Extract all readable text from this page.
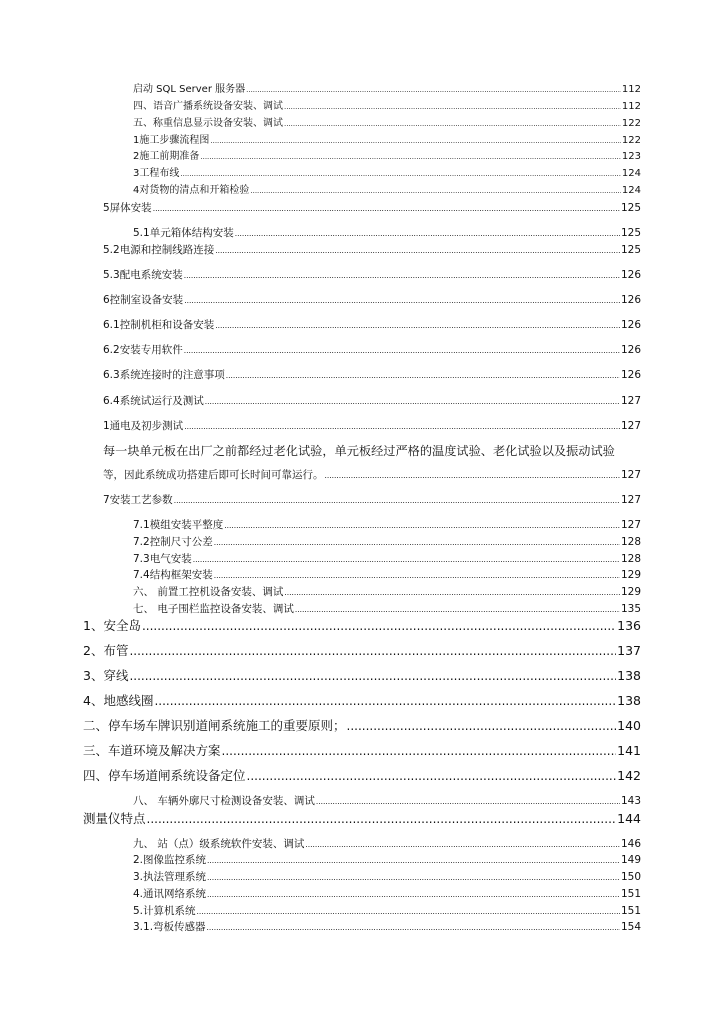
启动 SQL Server 服务器 .....	112
四、语音广播系统设备安装、调试 .....	112
五、称重信息显示设备安装、调试 .....	122
1施工步骤流程图 .....	122
2施工前期准备 .....	123
3工程布线 .....	124
4对货物的清点和开箱检验 .....	124
5屏体安装 .....	125
5.1单元箱体结构安装 .....	125
5.2电源和控制线路连接 .....	125
5.3配电系统安装 .....	126
6控制室设备安装 .....	126
6.1控制机柜和设备安装 .....	126
6.2安装专用软件 .....	126
6.3系统连接时的注意事项 .....	126
6.4系统试运行及测试 .....	127
1通电及初步测试 .....	127
每一块单元板在出厂之前都经过老化试验，单元板经过严格的温度试验、老化试验以及振动试验
等，因此系统成功搭建后即可长时间可靠运行。 .....	127
7安装工艺参数 .....	127
7.1模组安装平整度 .....	127
7.2控制尺寸公差 .....	128
7.3电气安装 .....	128
7.4结构框架安装 .....	129
六、 前置工控机设备安装、调试 .....	129
七、 电子围栏监控设备安装、调试 .....	135
1、安全岛 .....	136
2、布管 .....	137
3、穿线 .....	138
4、地感线圈 .....	138
二、停车场车牌识别道闸系统施工的重要原则； .....	140
三、车道环境及解决方案 .....	141
四、停车场道闸系统设备定位 .....	142
八、 车辆外廓尺寸检测设备安装、调试 .....	143
测量仪特点 .....	144
九、 站（点）级系统软件安装、调试 .....	146
2.图像监控系统 .....	149
3.执法管理系统 .....	150
4.通讯网络系统 .....	151
5.计算机系统 .....	151
3.1.弯板传感器 .....	154
